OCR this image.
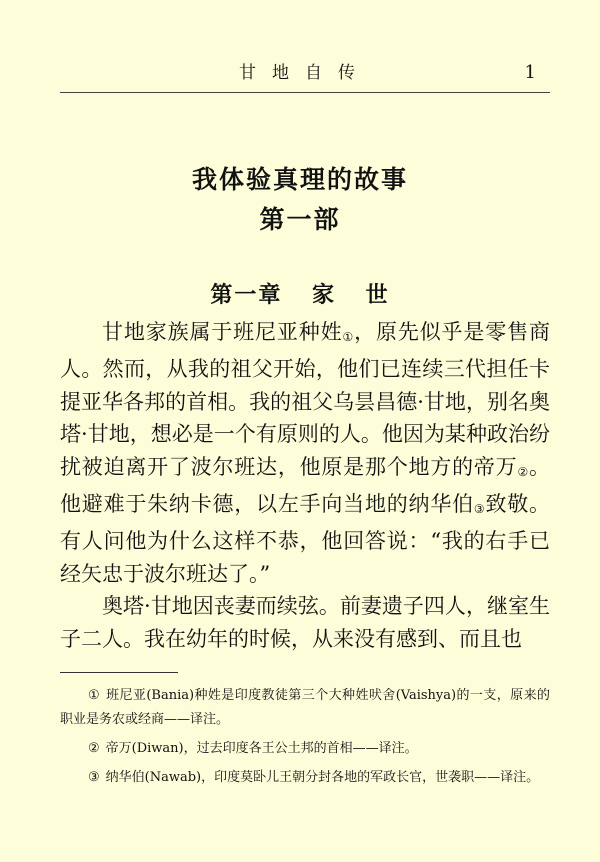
甘地自传	1
我体验真理的故事
第一部
第一章 家 世

甘地家族属于班尼亚种姓①，原先似乎是零售商人。然而，从我的祖父开始，他们已连续三代担任卡提亚华各邦的首相。我的祖父乌昙昌德·甘地，别名奥塔·甘地，想必是一个有原则的人。他因为某种政治纷扰被迫离开了波尔班达，他原是那个地方的帝万②。他避难于朱纳卡德，以左手向当地的纳华伯③致敬。有人问他为什么这样不恭，他回答说：“我的右手已经矢忠于波尔班达了。”

奥塔·甘地因丧妻而续弦。前妻遗子四人，继室生子二人。我在幼年的时候，从来没有感到、而且也

① 班尼亚(Bania)种姓是印度教徒第三个大种姓吠舍(Vaishya)的一支，原来的职业是务农或经商——译注。

② 帝万(Diwan)，过去印度各王公土邦的首相——译注。

③ 纳华伯(Nawab)，印度莫卧儿王朝分封各地的军政长官，世袭职——译注。
